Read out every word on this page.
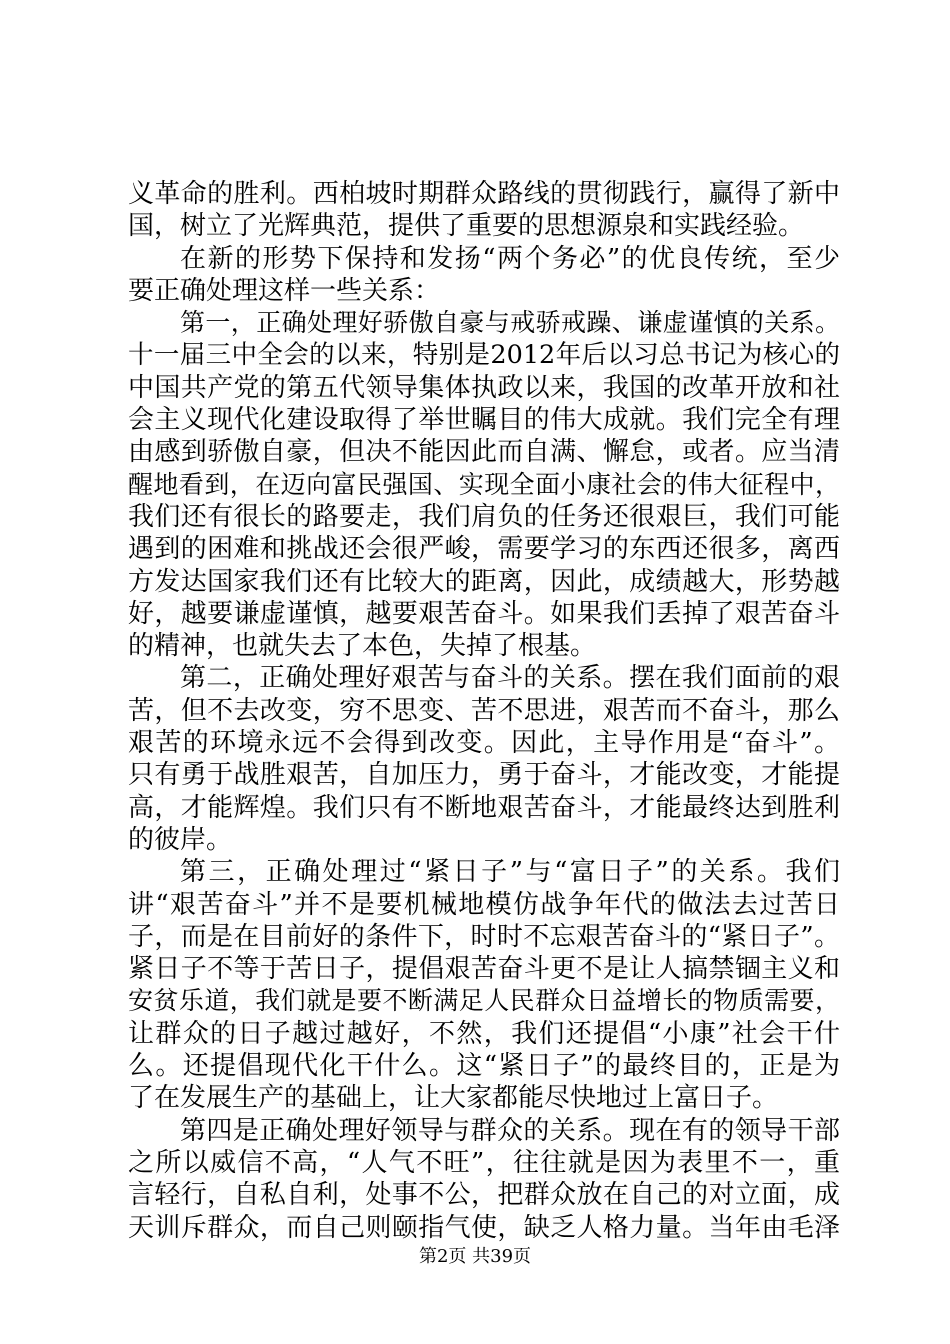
义革命的胜利。西柏坡时期群众路线的贯彻践行，赢得了新中
国，树立了光辉典范，提供了重要的思想源泉和实践经验。
在新的形势下保持和发扬“两个务必”的优良传统，至少
要正确处理这样一些关系：
第一，正确处理好骄傲自豪与戒骄戒躁、谦虚谨慎的关系。
十一届三中全会的以来，特别是2012年后以习总书记为核心的
中国共产党的第五代领导集体执政以来，我国的改革开放和社
会主义现代化建设取得了举世瞩目的伟大成就。我们完全有理
由感到骄傲自豪，但决不能因此而自满、懈怠，或者。应当清
醒地看到，在迈向富民强国、实现全面小康社会的伟大征程中，
我们还有很长的路要走，我们肩负的任务还很艰巨，我们可能
遇到的困难和挑战还会很严峻，需要学习的东西还很多，离西
方发达国家我们还有比较大的距离，因此，成绩越大，形势越
好，越要谦虚谨慎，越要艰苦奋斗。如果我们丢掉了艰苦奋斗
的精神，也就失去了本色，失掉了根基。
第二，正确处理好艰苦与奋斗的关系。摆在我们面前的艰
苦，但不去改变，穷不思变、苦不思进，艰苦而不奋斗，那么
艰苦的环境永远不会得到改变。因此，主导作用是“奋斗”。
只有勇于战胜艰苦，自加压力，勇于奋斗，才能改变，才能提
高，才能辉煌。我们只有不断地艰苦奋斗，才能最终达到胜利
的彼岸。
第三，正确处理过“紧日子”与“富日子”的关系。我们
讲“艰苦奋斗”并不是要机械地模仿战争年代的做法去过苦日
子，而是在目前好的条件下，时时不忘艰苦奋斗的“紧日子”。
紧日子不等于苦日子，提倡艰苦奋斗更不是让人搞禁锢主义和
安贫乐道，我们就是要不断满足人民群众日益增长的物质需要，
让群众的日子越过越好，不然，我们还提倡“小康”社会干什
么。还提倡现代化干什么。这“紧日子”的最终目的，正是为
了在发展生产的基础上，让大家都能尽快地过上富日子。
第四是正确处理好领导与群众的关系。现在有的领导干部
之所以威信不高，“人气不旺”，往往就是因为表里不一，重
言轻行，自私自利，处事不公，把群众放在自己的对立面，成
天训斥群众，而自己则颐指气使，缺乏人格力量。当年由毛泽
第2页 共39页
